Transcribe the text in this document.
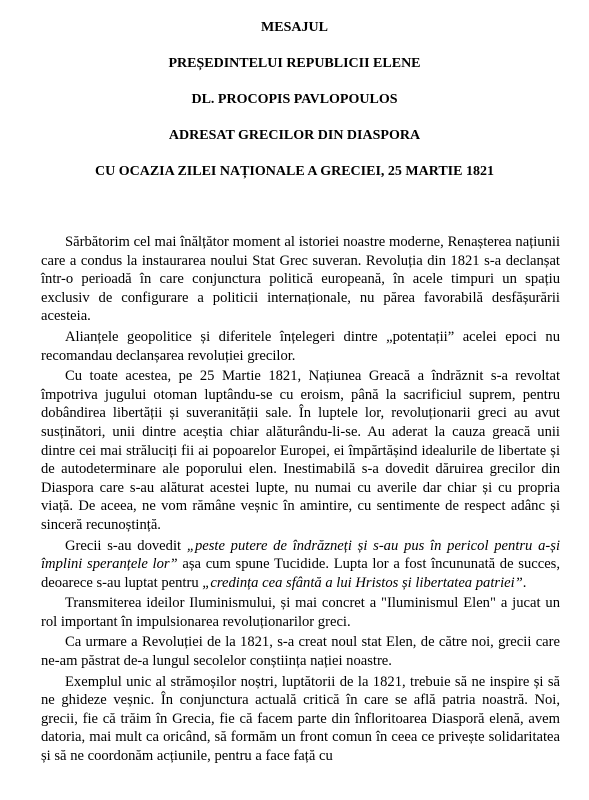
MESAJUL
PREȘEDINTELUI REPUBLICII ELENE
DL. PROCOPIS PAVLOPOULOS
ADRESAT GRECILOR DIN DIASPORA
CU OCAZIA ZILEI NAȚIONALE A GRECIEI, 25 MARTIE 1821

Sărbătorim cel mai înălțător moment al istoriei noastre moderne, Renașterea națiunii care a condus la instaurarea noului Stat Grec suveran. Revoluția din 1821 s-a declanșat într-o perioadă în care conjunctura politică europeană, în acele timpuri un spațiu exclusiv de configurare a politicii internaționale, nu părea favorabilă desfășurării acesteia.

Alianțele geopolitice și diferitele înțelegeri dintre „potentații” acelei epoci nu recomandau declanșarea revoluției grecilor.

Cu toate acestea, pe 25 Martie 1821, Națiunea Greacă a îndrăznit s-a revoltat împotriva jugului otoman luptându-se cu eroism, până la sacrificiul suprem, pentru dobândirea libertății și suveranității sale. În luptele lor, revoluționarii greci au avut susținători, unii dintre aceștia chiar alăturându-li-se. Au aderat la cauza greacă unii dintre cei mai străluciți fii ai popoarelor Europei, ei împărtășind idealurile de libertate și de autodeterminare ale poporului elen. Inestimabilă s-a dovedit dăruirea grecilor din Diaspora care s-au alăturat acestei lupte, nu numai cu averile dar chiar și cu propria viață. De aceea, ne vom rămâne veșnic în amintire, cu sentimente de respect adânc și sinceră recunoștință.

Grecii s-au dovedit „peste putere de îndrăzneți și s-au pus în pericol pentru a-și împlini speranțele lor” așa cum spune Tucidide. Lupta lor a fost încununată de succes, deoarece s-au luptat pentru „credința cea sfântă a lui Hristos și libertatea patriei”.

Transmiterea ideilor Iluminismului, și mai concret a "Iluminismul Elen" a jucat un rol important în impulsionarea revoluționarilor greci.

Ca urmare a Revoluției de la 1821, s-a creat noul stat Elen, de către noi, grecii care ne-am păstrat de-a lungul secolelor conștiința nației noastre.

Exemplul unic al strămoșilor noștri, luptătorii de la 1821, trebuie să ne inspire și să ne ghideze veșnic. În conjunctura actuală critică în care se află patria noastră. Noi, grecii, fie că trăim în Grecia, fie că facem parte din înfloritoarea Diasporă elenă, avem datoria, mai mult ca oricând, să formăm un front comun în ceea ce privește solidaritatea și să ne coordonăm acțiunile, pentru a face față cu
